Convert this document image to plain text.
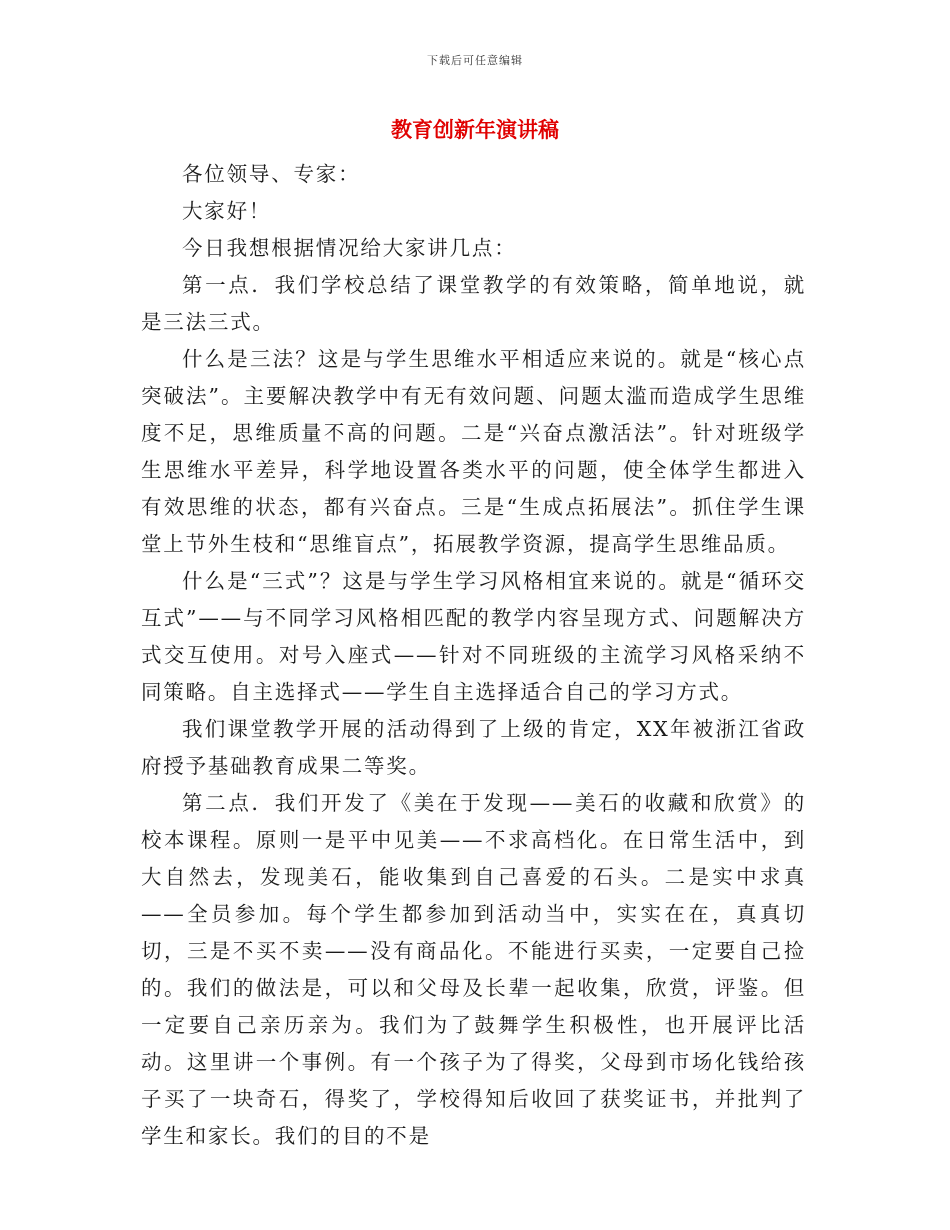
下载后可任意编辑
教育创新年演讲稿

各位领导、专家：

大家好！

今日我想根据情况给大家讲几点：

第一点．我们学校总结了课堂教学的有效策略，简单地说，就是三法三式。

什么是三法？这是与学生思维水平相适应来说的。就是“核心点突破法”。主要解决教学中有无有效问题、问题太滥而造成学生思维度不足，思维质量不高的问题。二是“兴奋点激活法”。针对班级学生思维水平差异，科学地设置各类水平的问题，使全体学生都进入有效思维的状态，都有兴奋点。三是“生成点拓展法”。抓住学生课堂上节外生枝和“思维盲点”，拓展教学资源，提高学生思维品质。

什么是“三式”？这是与学生学习风格相宜来说的。就是“循环交互式”——与不同学习风格相匹配的教学内容呈现方式、问题解决方式交互使用。对号入座式——针对不同班级的主流学习风格采纳不同策略。自主选择式——学生自主选择适合自己的学习方式。

我们课堂教学开展的活动得到了上级的肯定，XX年被浙江省政府授予基础教育成果二等奖。

第二点．我们开发了《美在于发现——美石的收藏和欣赏》的校本课程。原则一是平中见美——不求高档化。在日常生活中，到大自然去，发现美石，能收集到自己喜爱的石头。二是实中求真——全员参加。每个学生都参加到活动当中，实实在在，真真切切，三是不买不卖——没有商品化。不能进行买卖，一定要自己捡的。我们的做法是，可以和父母及长辈一起收集，欣赏，评鉴。但一定要自己亲历亲为。我们为了鼓舞学生积极性，也开展评比活动。这里讲一个事例。有一个孩子为了得奖，父母到市场化钱给孩子买了一块奇石，得奖了，学校得知后收回了获奖证书，并批判了学生和家长。我们的目的不是
